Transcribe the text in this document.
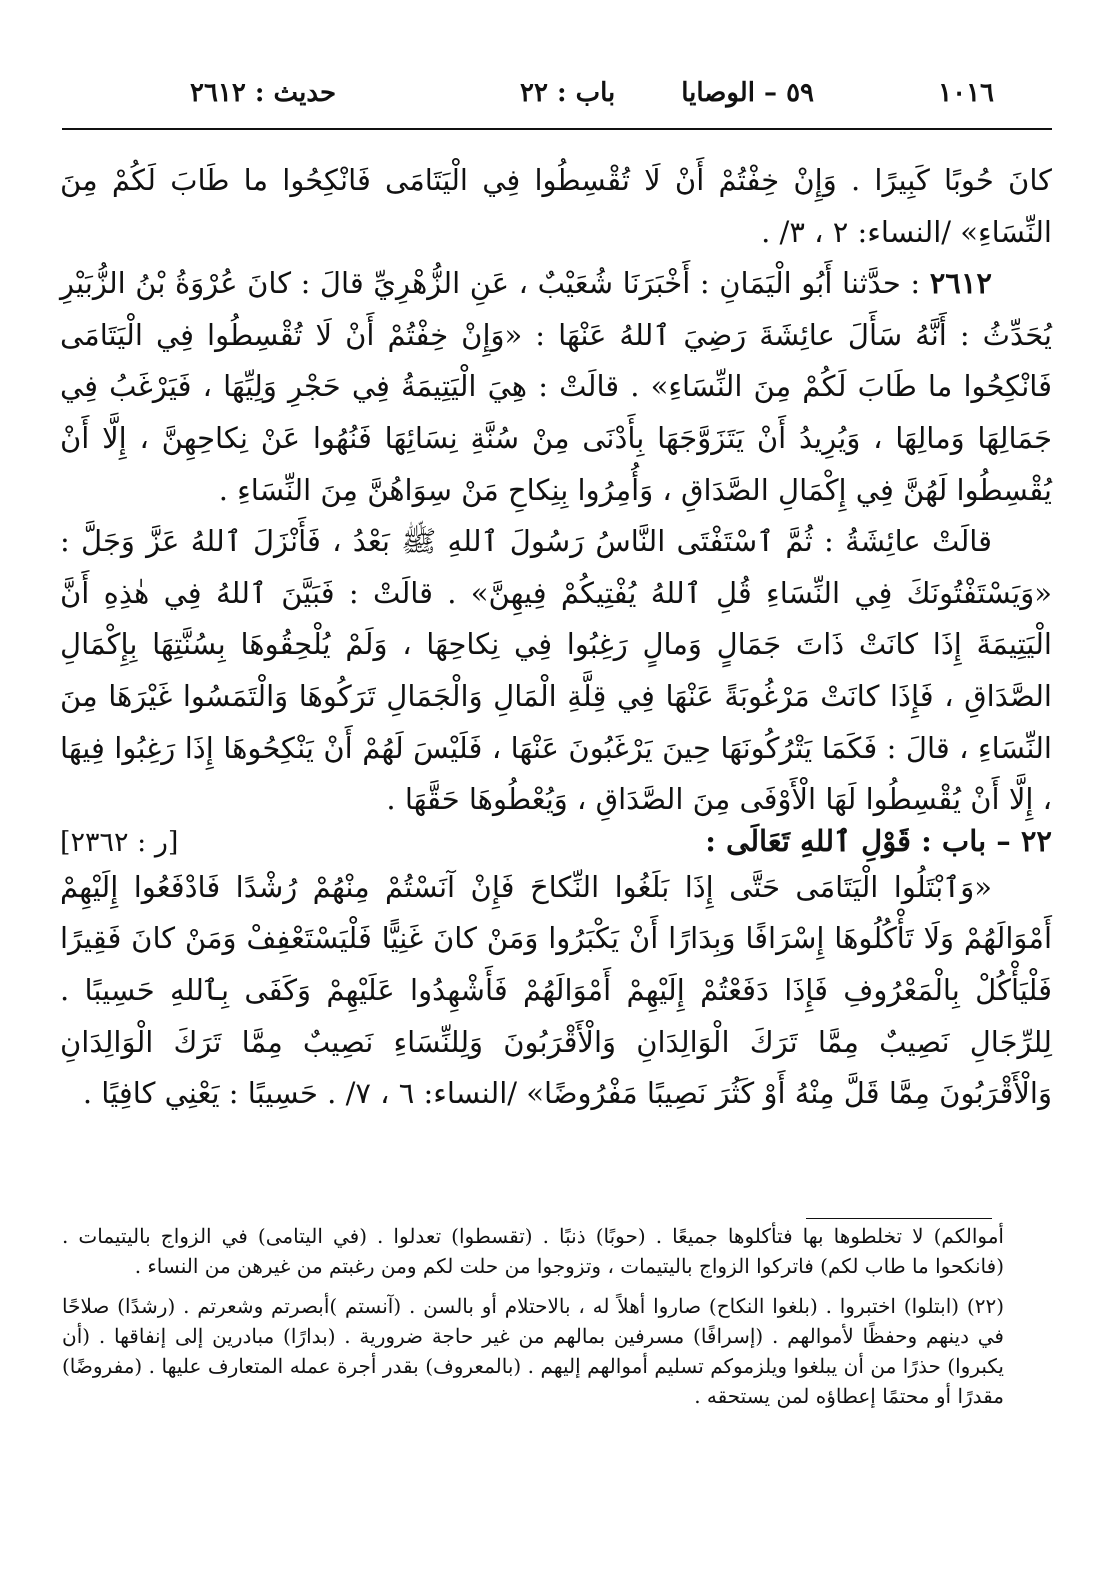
١٠١٦
٥٩ – الوصايا
باب : ٢٢
حديث : ٢٦١٢

كانَ حُوبًا كَبِيرًا . وَإِنْ خِفْتُمْ أَنْ لَا تُقْسِطُوا فِي الْيَتَامَى فَانْكِحُوا ما طَابَ لَكُمْ مِنَ النِّسَاءِ» /النساء: ٢ ، ٣/ .

٢٦١٢ : حدَّثنا أَبُو الْيَمَانِ : أَخْبَرَنَا شُعَيْبٌ ، عَنِ الزُّهْرِيِّ قالَ : كانَ عُرْوَةُ بْنُ الزُّبَيْرِ يُحَدِّثُ : أَنَّهُ سَأَلَ عائِشَةَ رَضِيَ ٱللهُ عَنْهَا : «وَإِنْ خِفْتُمْ أَنْ لَا تُقْسِطُوا فِي الْيَتَامَى فَانْكِحُوا ما طَابَ لَكُمْ مِنَ النِّسَاءِ» . قالَتْ : هِيَ الْيَتِيمَةُ فِي حَجْرِ وَلِيِّهَا ، فَيَرْغَبُ فِي جَمَالِهَا وَمالِهَا ، وَيُرِيدُ أَنْ يَتَزَوَّجَهَا بِأَدْنَى مِنْ سُنَّةِ نِسَائِهَا فَنُهُوا عَنْ نِكاحِهِنَّ ، إِلَّا أَنْ يُقْسِطُوا لَهُنَّ فِي إِكْمَالِ الصَّدَاقِ ، وَأُمِرُوا بِنِكاحِ مَنْ سِوَاهُنَّ مِنَ النِّسَاءِ .

قالَتْ عائِشَةُ : ثُمَّ ٱسْتَفْتَى النَّاسُ رَسُولَ ٱللهِ ﷺ بَعْدُ ، فَأَنْزَلَ ٱللهُ عَزَّ وَجَلَّ : «وَيَسْتَفْتُونَكَ فِي النِّسَاءِ قُلِ ٱللهُ يُفْتِيكُمْ فِيهِنَّ» . قالَتْ : فَبَيَّنَ ٱللهُ فِي هٰذِهِ أَنَّ الْيَتِيمَةَ إِذَا كانَتْ ذَاتَ جَمَالٍ وَمالٍ رَغِبُوا فِي نِكاحِهَا ، وَلَمْ يُلْحِقُوهَا بِسُنَّتِهَا بِإِكْمَالِ الصَّدَاقِ ، فَإِذَا كانَتْ مَرْغُوبَةً عَنْهَا فِي قِلَّةِ الْمَالِ وَالْجَمَالِ تَرَكُوهَا وَالْتَمَسُوا غَيْرَهَا مِنَ النِّسَاءِ ، قالَ : فَكَمَا يَتْرُكُونَهَا حِينَ يَرْغَبُونَ عَنْهَا ، فَلَيْسَ لَهُمْ أَنْ يَنْكِحُوهَا إِذَا رَغِبُوا فِيهَا ، إِلَّا أَنْ يُقْسِطُوا لَهَا الْأَوْفَى مِنَ الصَّدَاقِ ، وَيُعْطُوهَا حَقَّهَا .

٢٢ – باب : قَوْلِ ٱللهِ تَعَالَى :
[ر : ٢٣٦٢]

«وَٱبْتَلُوا الْيَتَامَى حَتَّى إِذَا بَلَغُوا النِّكاحَ فَإِنْ آنَسْتُمْ مِنْهُمْ رُشْدًا فَادْفَعُوا إِلَيْهِمْ أَمْوَالَهُمْ وَلَا تَأْكُلُوهَا إِسْرَافًا وَبِدَارًا أَنْ يَكْبَرُوا وَمَنْ كانَ غَنِيًّا فَلْيَسْتَعْفِفْ وَمَنْ كانَ فَقِيرًا فَلْيَأْكُلْ بِالْمَعْرُوفِ فَإِذَا دَفَعْتُمْ إِلَيْهِمْ أَمْوَالَهُمْ فَأَشْهِدُوا عَلَيْهِمْ وَكَفَى بِٱللهِ حَسِيبًا . لِلرِّجَالِ نَصِيبٌ مِمَّا تَرَكَ الْوَالِدَانِ وَالْأَقْرَبُونَ وَلِلنِّسَاءِ نَصِيبٌ مِمَّا تَرَكَ الْوَالِدَانِ وَالْأَقْرَبُونَ مِمَّا قَلَّ مِنْهُ أَوْ كَثُرَ نَصِيبًا مَفْرُوضًا» /النساء: ٦ ، ٧/ . حَسِيبًا : يَعْنِي كافِيًا .

أموالكم) لا تخلطوها بها فتأكلوها جميعًا . (حوبًا) ذنبًا . (تقسطوا) تعدلوا . (في اليتامى) في الزواج باليتيمات . (فانكحوا ما طاب لكم) فاتركوا الزواج باليتيمات ، وتزوجوا من حلت لكم ومن رغبتم من غيرهن من النساء .

(٢٢) (ابتلوا) اختبروا . (بلغوا النكاح) صاروا أهلاً له ، بالاحتلام أو بالسن . (آنستم )أبصرتم وشعرتم . (رشدًا) صلاحًا في دينهم وحفظًا لأموالهم . (إسرافًا) مسرفين بمالهم من غير حاجة ضرورية . (بدارًا) مبادرين إلى إنفاقها . (أن يكبروا) حذرًا من أن يبلغوا ويلزموكم تسليم أموالهم إليهم . (بالمعروف) بقدر أجرة عمله المتعارف عليها . (مفروضًا) مقدرًا أو محتمًا إعطاؤه لمن يستحقه .
